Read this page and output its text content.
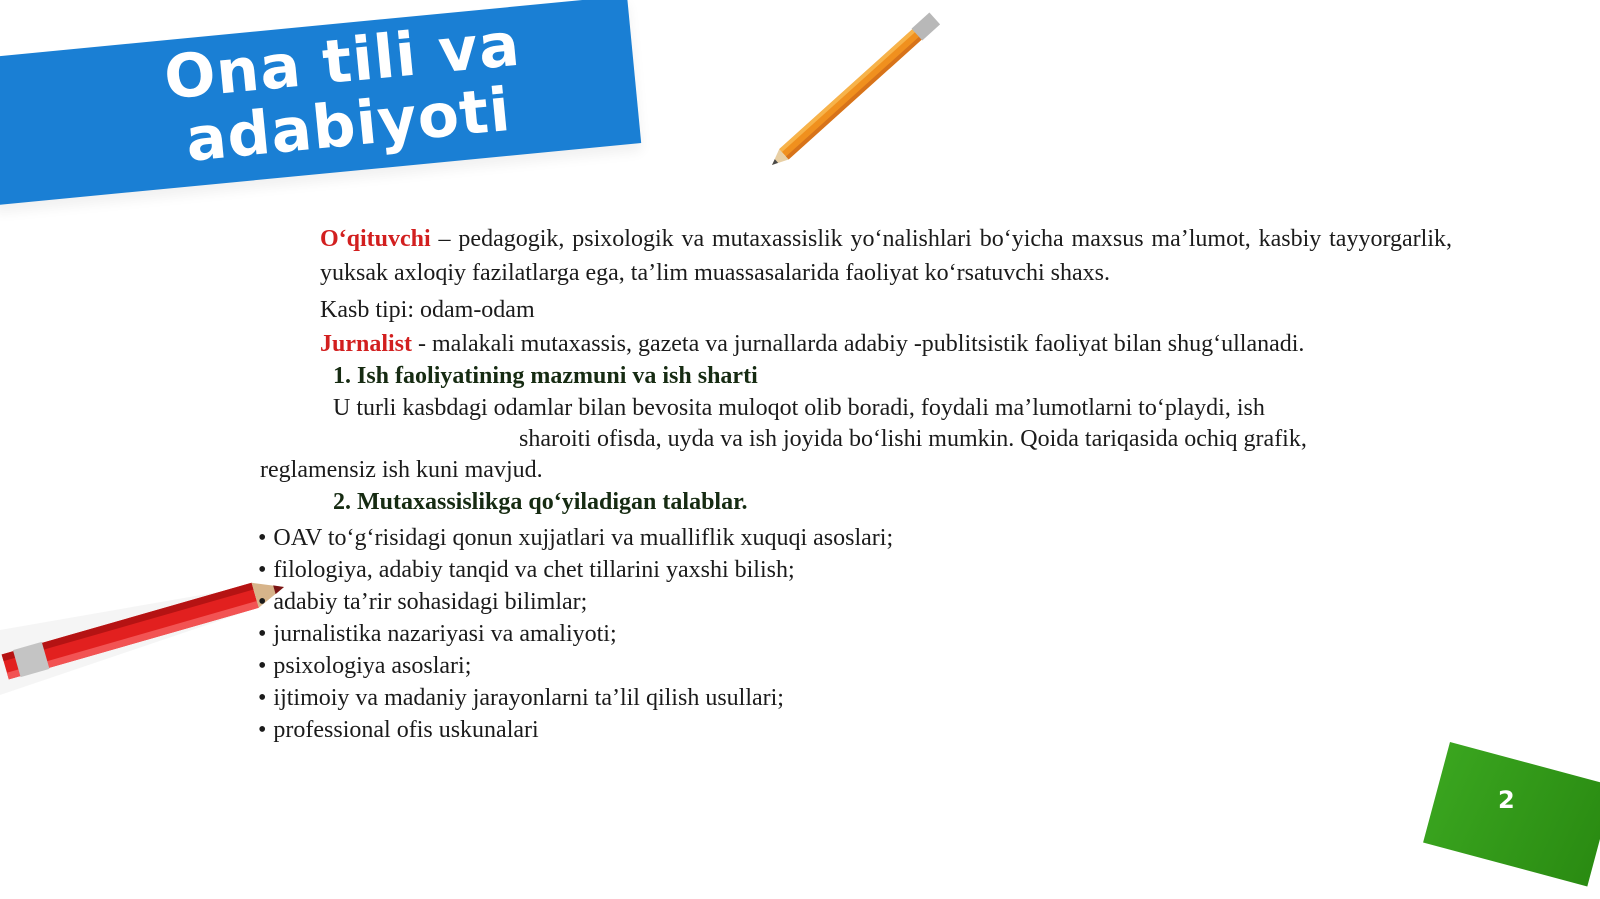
Ona tili va
adabiyoti
O‘qituvchi – pedagogik, psixologik va mutaxassislik yo‘nalishlari bo‘yicha maxsus ma’lumot, kasbiy tayyorgarlik, yuksak axloqiy fazilatlarga ega, ta’lim muassasalarida faoliyat ko‘rsatuvchi shaxs.
Kasb tipi: odam-odam
Jurnalist - malakali mutaxassis, gazeta va jurnallarda adabiy -publitsistik faoliyat bilan shug‘ullanadi.
1. Ish faoliyatining mazmuni va ish sharti
U turli kasbdagi odamlar bilan bevosita muloqot olib boradi, foydali ma’lumotlarni to‘playdi, ish
sharoiti ofisda, uyda va ish joyida bo‘lishi mumkin. Qoida tariqasida ochiq grafik,
reglamensiz ish kuni mavjud.
2. Mutaxassislikga qo‘yiladigan talablar.
• OAV to‘g‘risidagi qonun xujjatlari va mualliflik xuquqi asoslari;
• filologiya, adabiy tanqid va chet tillarini yaxshi bilish;
• adabiy ta’rir sohasidagi bilimlar;
• jurnalistika nazariyasi va amaliyoti;
• psixologiya asoslari;
• ijtimoiy va madaniy jarayonlarni ta’lil qilish usullari;
• professional ofis uskunalari
2
